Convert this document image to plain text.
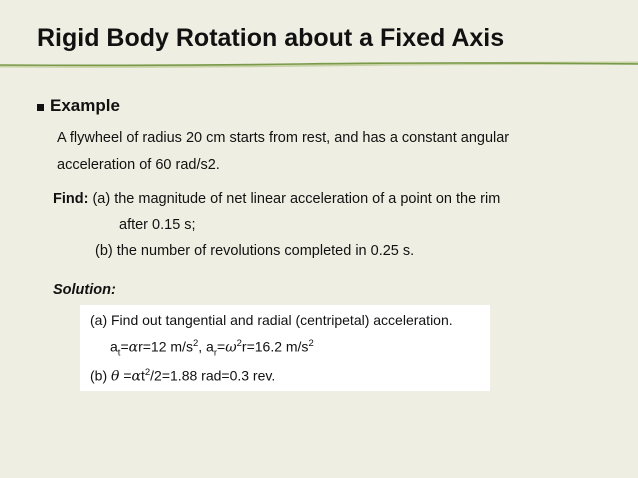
Rigid Body Rotation about a Fixed Axis
Example
A flywheel of radius 20 cm starts from rest, and has a constant angular
acceleration of 60 rad/s2.
Find: (a) the magnitude of net linear acceleration of a point on the rim
after 0.15 s;
(b) the number of revolutions completed in 0.25 s.
Solution:
(a) Find out tangential and radial (centripetal) acceleration.
$a_t=\alpha r=12$ $m/s^2$, $a_r=\omega^2r=16.2$ $m/s^2$
(b) $\theta =\alpha t^2/2=1.88$ rad=0.3 rev.
